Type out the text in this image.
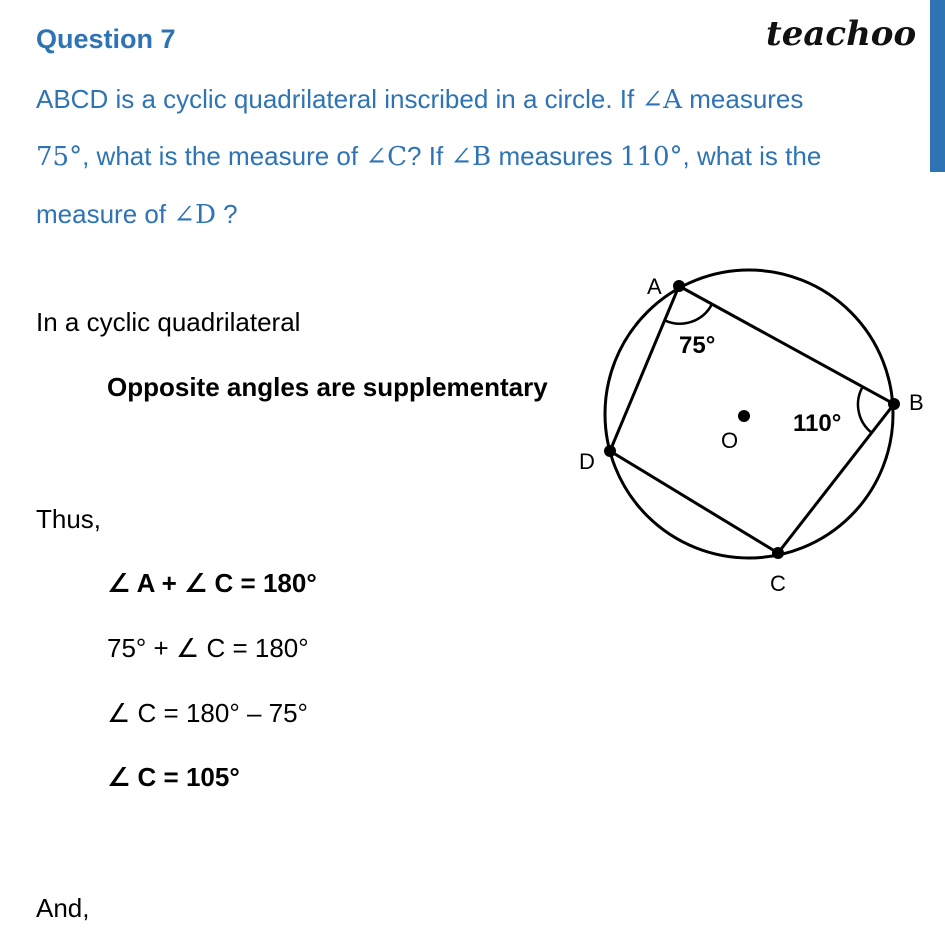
Question 7	teachoo
ABCD is a cyclic quadrilateral inscribed in a circle. If ∠A measures
75°, what is the measure of ∠C? If ∠B measures 110°, what is the
measure of ∠D ?
In a cyclic quadrilateral
Opposite angles are supplementary
Thus,
∠ A + ∠ C = 180°
75° + ∠ C = 180°
∠ C = 180° – 75°
∠ C = 105°
And,
A
B
C
D
O
75°
110°
